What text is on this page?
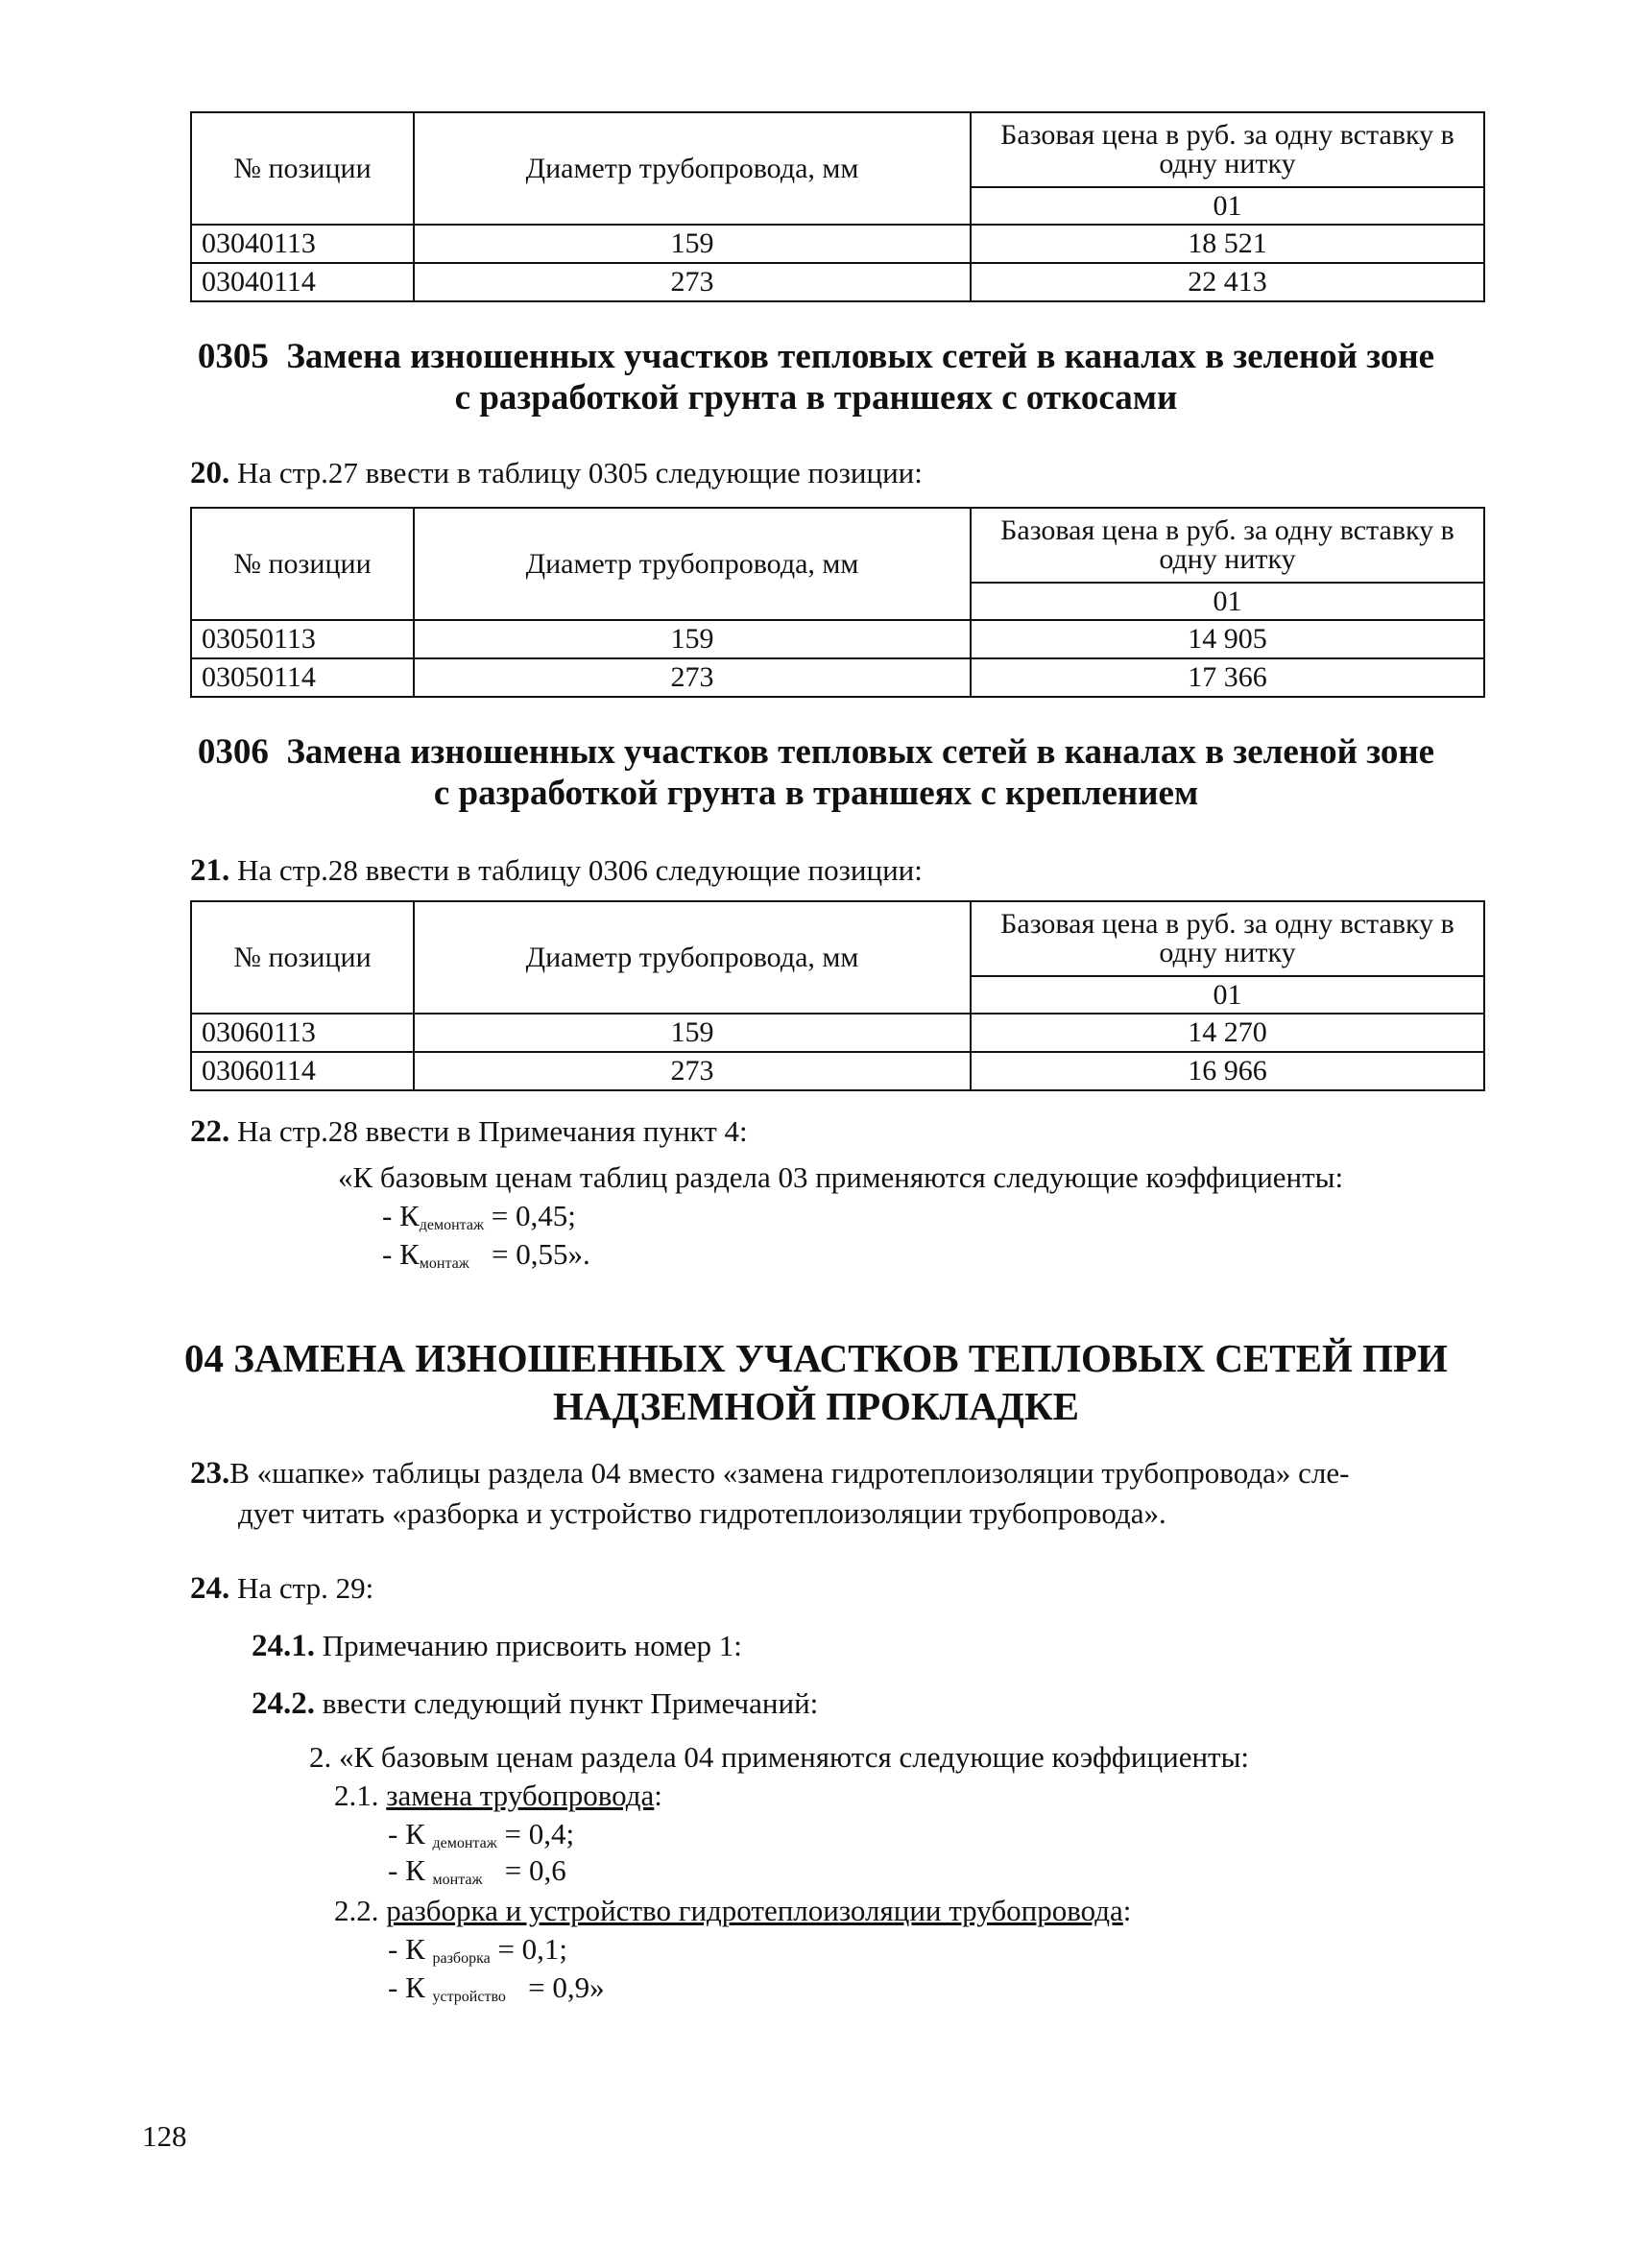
№ позиции	Диаметр трубопровода, мм	Базовая цена в руб. за одну вставку в одну нитку
		01
03040113	159	18 521
03040114	273	22 413
0305 Замена изношенных участков тепловых сетей в каналах в зеленой зоне
с разработкой грунта в траншеях с откосами
20. На стр.27 ввести в таблицу 0305 следующие позиции:
№ позиции	Диаметр трубопровода, мм	Базовая цена в руб. за одну вставку в одну нитку
		01
03050113	159	14 905
03050114	273	17 366
0306 Замена изношенных участков тепловых сетей в каналах в зеленой зоне
с разработкой грунта в траншеях с креплением
21. На стр.28 ввести в таблицу 0306 следующие позиции:
№ позиции	Диаметр трубопровода, мм	Базовая цена в руб. за одну вставку в одну нитку
		01
03060113	159	14 270
03060114	273	16 966
22. На стр.28 ввести в Примечания пункт 4:
«К базовым ценам таблиц раздела 03 применяются следующие коэффициенты:
- $К_{демонтаж} = 0,45$;
- $К_{монтаж} = 0,55$».
04 ЗАМЕНА ИЗНОШЕННЫХ УЧАСТКОВ ТЕПЛОВЫХ СЕТЕЙ ПРИ
НАДЗЕМНОЙ ПРОКЛАДКЕ
23.В «шапке» таблицы раздела 04 вместо «замена гидротеплоизоляции трубопровода» сле-
дует читать «разборка и устройство гидротеплоизоляции трубопровода».
24. На стр. 29:
24.1. Примечанию присвоить номер 1:
24.2. ввести следующий пункт Примечаний:
2. «К базовым ценам раздела 04 применяются следующие коэффициенты:
2.1. замена трубопровода:
- К $_{демонтаж}$ = 0,4;
- К $_{монтаж}$ = 0,6
2.2. разборка и устройство гидротеплоизоляции трубопровода:
- К $_{разборка}$ = 0,1;
- К $_{устройство}$ = 0,9»
128
